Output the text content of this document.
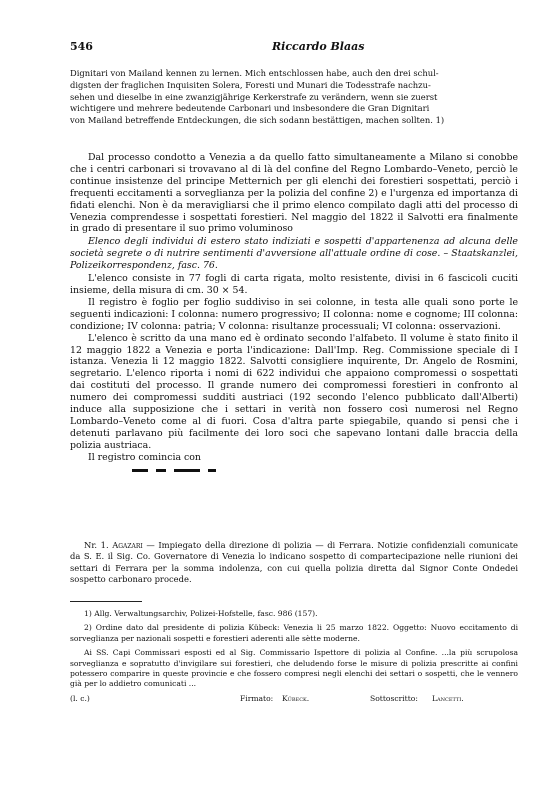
546	Riccardo Blaas
Dignitari von Mailand kennen zu lernen. Mich entschlossen habe, auch den drei schul-
digsten der fraglichen Inquisiten Solera, Foresti und Munari die Todesstrafe nachzu-
sehen und dieselbe in eine zwanzigjährige Kerkerstrafe zu verändern, wenn sie zuerst
wichtigere und mehrere bedeutende Carbonari und insbesondere die Gran Dignitari
von Mailand betreffende Entdeckungen, die sich sodann bestättigen, machen sollten. 1)

Dal processo condotto a Venezia a da quello fatto simultaneamente a Milano si conobbe che i centri carbonari si trovavano al di là del confine del Regno Lombardo–Veneto, perciò le continue insistenze del principe Metternich per gli elenchi dei forestieri sospettati, perciò i frequenti eccitamenti a sorveglianza per la polizia del confine 2) e l'urgenza ed importanza di fidati elenchi. Non è da meravigliarsi che il primo elenco compilato dagli atti del processo di Venezia comprendesse i sospettati forestieri. Nel maggio del 1822 il Salvotti era finalmente in grado di presentare il suo primo voluminoso

Elenco degli individui di estero stato indiziati e sospetti d'appartenenza ad alcuna delle società segrete o di nutrire sentimenti d'avversione all'attuale ordine di cose. – Staatskanzlei, Polizeikorrespondenz, fasc. 76.

L'elenco consiste in 77 fogli di carta rigata, molto resistente, divisi in 6 fascicoli cuciti insieme, della misura di cm. 30 × 54.

Il registro è foglio per foglio suddiviso in sei colonne, in testa alle quali sono porte le seguenti indicazioni: I colonna: numero progressivo; II colonna: nome e cognome; III colonna: condizione; IV colonna: patria; V colonna: risultanze processuali; VI colonna: osservazioni.

L'elenco è scritto da una mano ed è ordinato secondo l'alfabeto. Il volume è stato finito il 12 maggio 1822 a Venezia e porta l'indicazione: Dall'Imp. Reg. Commissione speciale di I istanza. Venezia li 12 maggio 1822. Salvotti consigliere inquirente, Dr. Angelo de Rosmini, segretario. L'elenco riporta i nomi di 622 individui che appaiono compromessi o sospettati dai costituti del processo. Il grande numero dei compromessi forestieri in confronto al numero dei compromessi sudditi austriaci (192 secondo l'elenco pubblicato dall'Alberti) induce alla supposizione che i settari in verità non fossero così numerosi nel Regno Lombardo–Veneto come al di fuori. Cosa d'altra parte spiegabile, quando si pensi che i detenuti parlavano più facilmente dei loro soci che sapevano lontani dalle braccia della polizia austriaca.

Il registro comincia con

Nr. 1. Agazari — Impiegato della direzione di polizia — di Ferrara. Notizie confidenziali comunicate da S. E. il Sig. Co. Governatore di Venezia lo indicano sospetto di compartecipazione nelle riunioni dei settari di Ferrara per la somma indolenza, con cui quella polizia diretta dal Signor Conte Ondedei sospetto carbonaro procede.

1) Allg. Verwaltungsarchiv, Polizei-Hofstelle, fasc. 986 (157).

2) Ordine dato dal presidente di polizia Kübeck: Venezia li 25 marzo 1822. Oggetto: Nuovo eccitamento di sorveglianza per nazionali sospetti e forestieri aderenti alle sètte moderne.

Ai SS. Capi Commissari esposti ed al Sig. Commissario Ispettore di polizia al Confine. ...la più scrupolosa sorveglianza e sopratutto d'invigilare sui forestieri, che deludendo forse le misure di polizia prescritte ai confini potessero comparire in queste provincie e che fossero compresi negli elenchi dei settari o sospetti, che le vennero già per lo addietro comunicati ...

(l. c.)	Firmato: Kübeck.	Sottoscritto: Lancetti.
